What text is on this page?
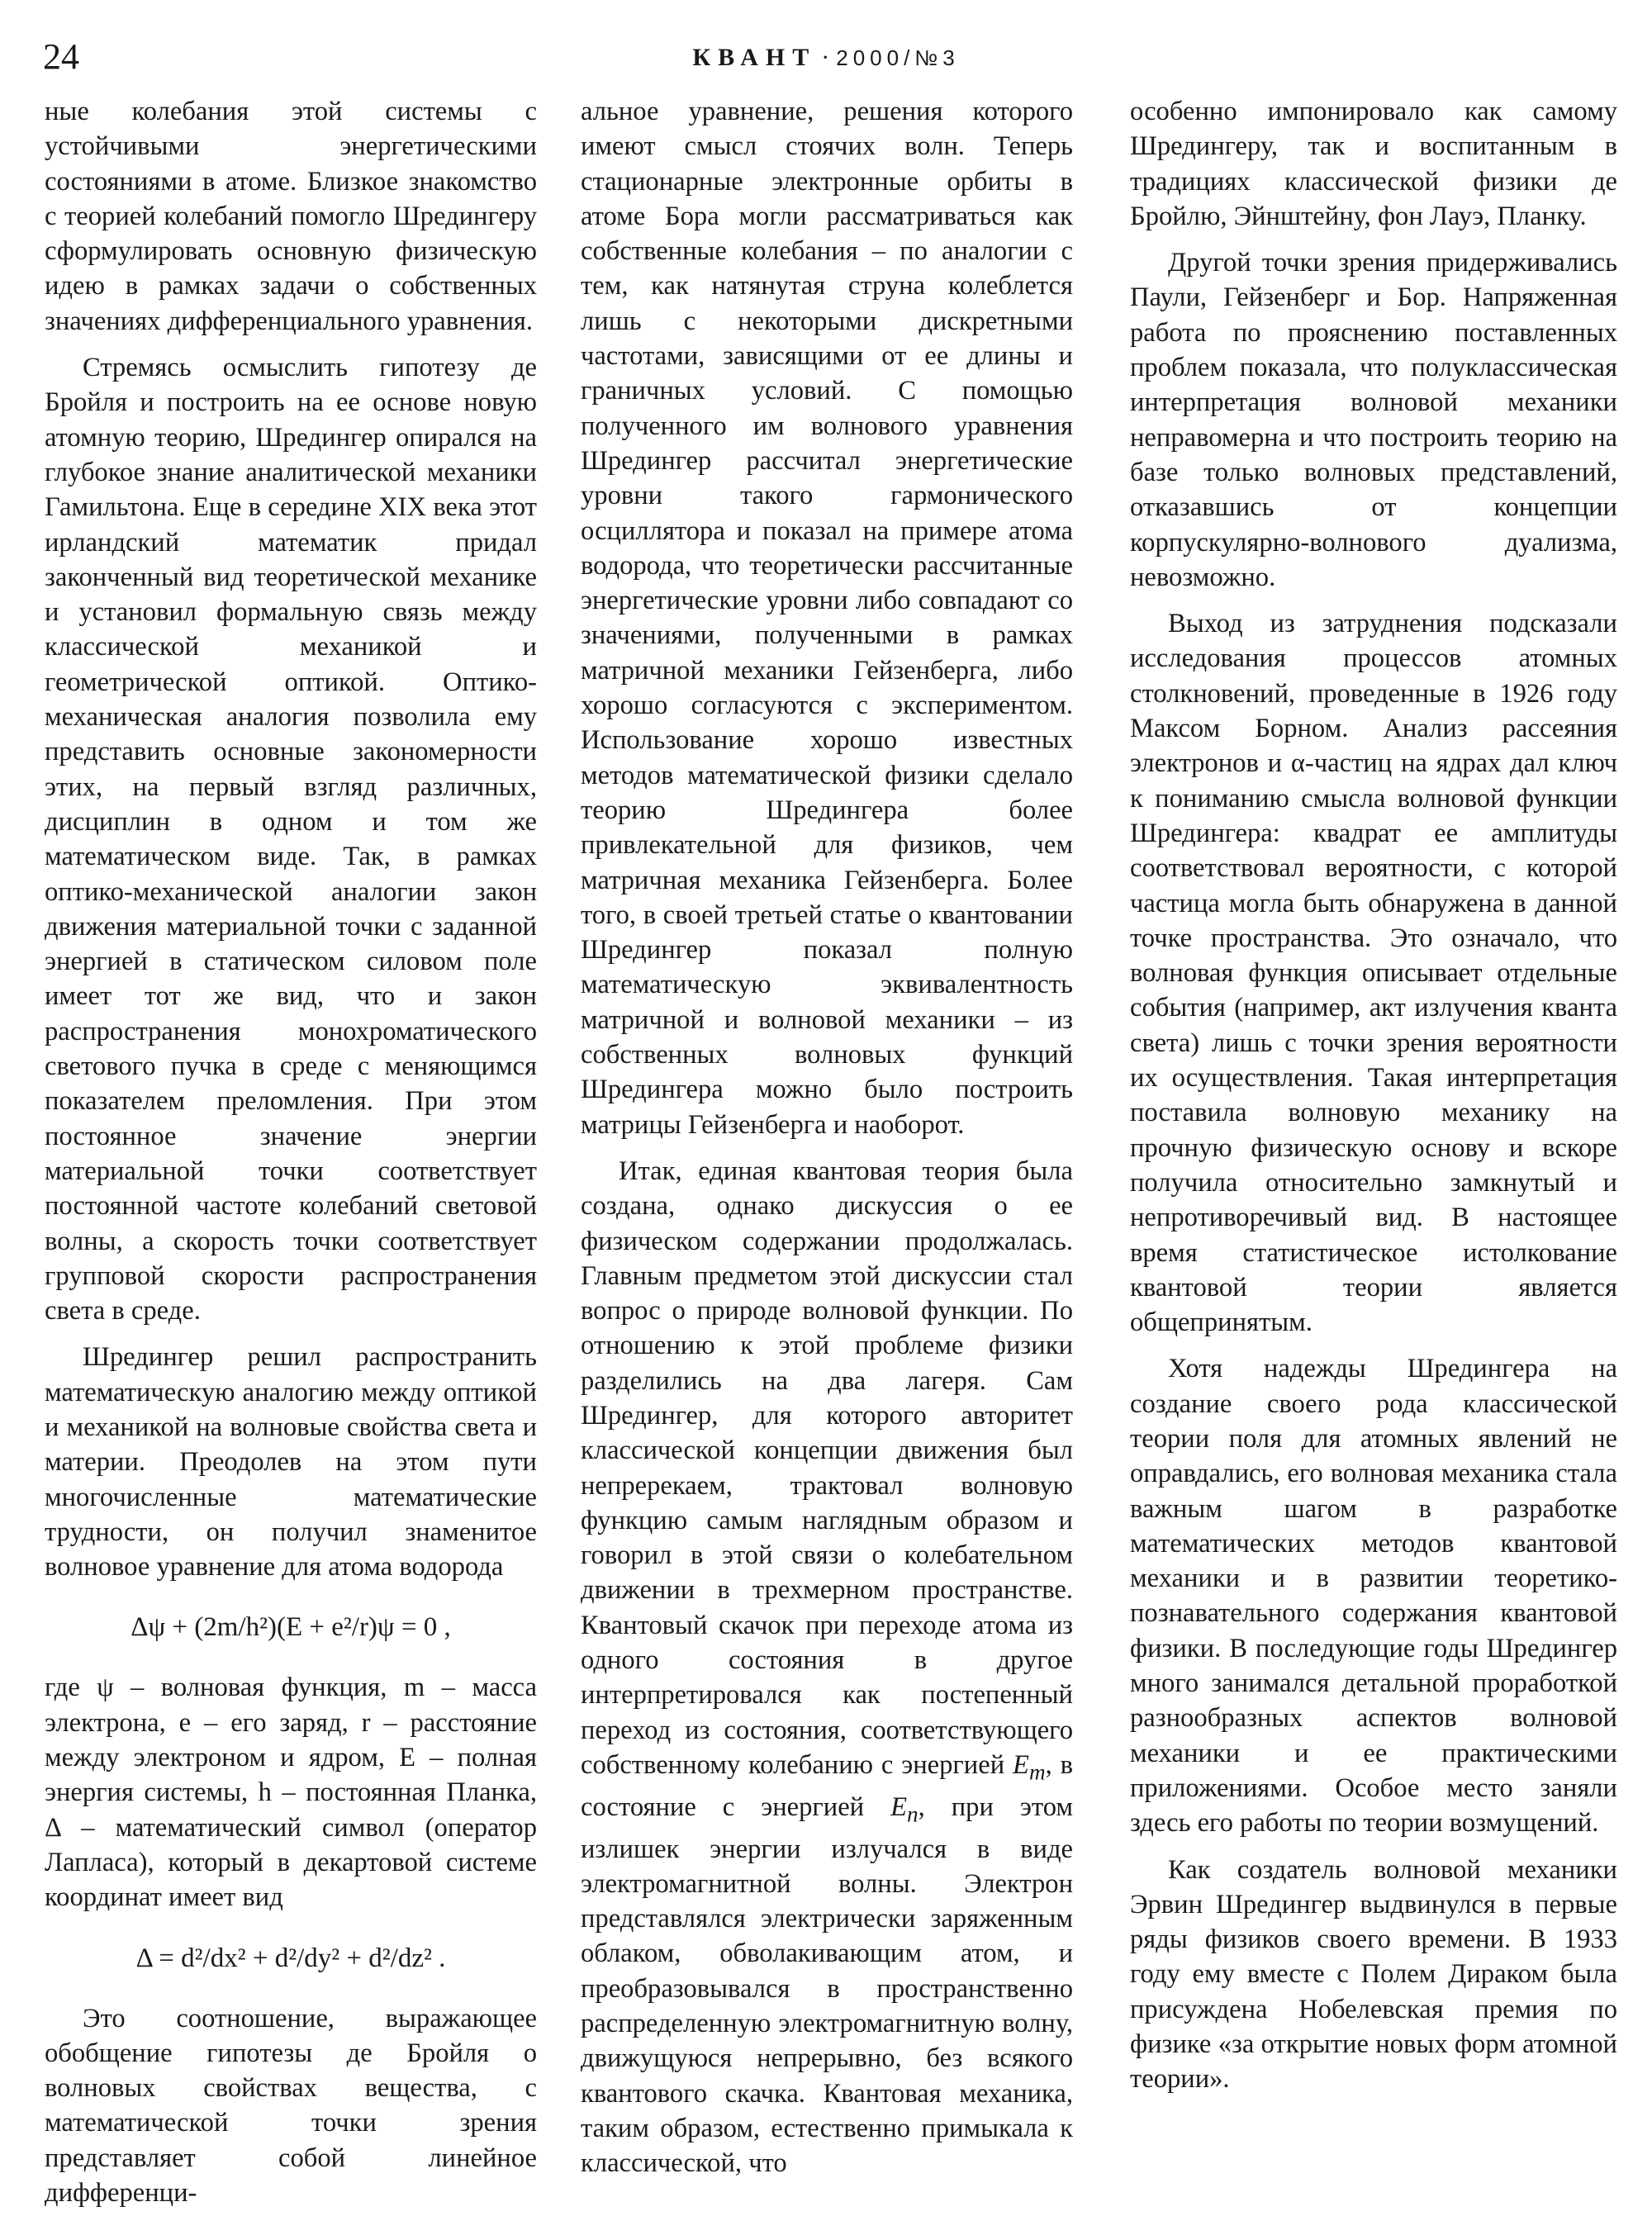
24	КВАНТ · 2000/№3

ные колебания этой системы с устойчивыми энергетическими состояниями в атоме. Близкое знакомство с теорией колебаний помогло Шредингеру сформулировать основную физическую идею в рамках задачи о собственных значениях дифференциального уравнения.

Стремясь осмыслить гипотезу де Бройля и построить на ее основе новую атомную теорию, Шредингер опирался на глубокое знание аналитической механики Гамильтона. Еще в середине XIX века этот ирландский математик придал законченный вид теоретической механике и установил формальную связь между классической механикой и геометрической оптикой. Оптико-механическая аналогия позволила ему представить основные закономерности этих, на первый взгляд различных, дисциплин в одном и том же математическом виде. Так, в рамках оптико-механической аналогии закон движения материальной точки с заданной энергией в статическом силовом поле имеет тот же вид, что и закон распространения монохроматического светового пучка в среде с меняющимся показателем преломления. При этом постоянное значение энергии материальной точки соответствует постоянной частоте колебаний световой волны, а скорость точки соответствует групповой скорости распространения света в среде.

Шредингер решил распространить математическую аналогию между оптикой и механикой на волновые свойства света и материи. Преодолев на этом пути многочисленные математические трудности, он получил знаменитое волновое уравнение для атома водорода

Δψ + (2m/h²)(E + e²/r)ψ = 0 ,

где ψ – волновая функция, m – масса электрона, e – его заряд, r – расстояние между электроном и ядром, E – полная энергия системы, h – постоянная Планка, Δ – математический символ (оператор Лапласа), который в декартовой системе координат имеет вид

Δ = d²/dx² + d²/dy² + d²/dz² .

Это соотношение, выражающее обобщение гипотезы де Бройля о волновых свойствах вещества, с математической точки зрения представляет собой линейное дифференци-

альное уравнение, решения которого имеют смысл стоячих волн. Теперь стационарные электронные орбиты в атоме Бора могли рассматриваться как собственные колебания – по аналогии с тем, как натянутая струна колеблется лишь с некоторыми дискретными частотами, зависящими от ее длины и граничных условий. С помощью полученного им волнового уравнения Шредингер рассчитал энергетические уровни такого гармонического осциллятора и показал на примере атома водорода, что теоретически рассчитанные энергетические уровни либо совпадают со значениями, полученными в рамках матричной механики Гейзенберга, либо хорошо согласуются с экспериментом. Использование хорошо известных методов математической физики сделало теорию Шредингера более привлекательной для физиков, чем матричная механика Гейзенберга. Более того, в своей третьей статье о квантовании Шредингер показал полную математическую эквивалентность матричной и волновой механики – из собственных волновых функций Шредингера можно было построить матрицы Гейзенберга и наоборот.

Итак, единая квантовая теория была создана, однако дискуссия о ее физическом содержании продолжалась. Главным предметом этой дискуссии стал вопрос о природе волновой функции. По отношению к этой проблеме физики разделились на два лагеря. Сам Шредингер, для которого авторитет классической концепции движения был непререкаем, трактовал волновую функцию самым наглядным образом и говорил в этой связи о колебательном движении в трехмерном пространстве. Квантовый скачок при переходе атома из одного состояния в другое интерпретировался как постепенный переход из состояния, соответствующего собственному колебанию с энергией $E_m$, в состояние с энергией $E_n$, при этом излишек энергии излучался в виде электромагнитной волны. Электрон представлялся электрически заряженным облаком, обволакивающим атом, и преобразовывался в пространственно распределенную электромагнитную волну, движущуюся непрерывно, без всякого квантового скачка. Квантовая механика, таким образом, естественно примыкала к классической, что

особенно импонировало как самому Шредингеру, так и воспитанным в традициях классической физики де Бройлю, Эйнштейну, фон Лауэ, Планку.

Другой точки зрения придерживались Паули, Гейзенберг и Бор. Напряженная работа по прояснению поставленных проблем показала, что полуклассическая интерпретация волновой механики неправомерна и что построить теорию на базе только волновых представлений, отказавшись от концепции корпускулярно-волнового дуализма, невозможно.

Выход из затруднения подсказали исследования процессов атомных столкновений, проведенные в 1926 году Максом Борном. Анализ рассеяния электронов и α-частиц на ядрах дал ключ к пониманию смысла волновой функции Шредингера: квадрат ее амплитуды соответствовал вероятности, с которой частица могла быть обнаружена в данной точке пространства. Это означало, что волновая функция описывает отдельные события (например, акт излучения кванта света) лишь с точки зрения вероятности их осуществления. Такая интерпретация поставила волновую механику на прочную физическую основу и вскоре получила относительно замкнутый и непротиворечивый вид. В настоящее время статистическое истолкование квантовой теории является общепринятым.

Хотя надежды Шредингера на создание своего рода классической теории поля для атомных явлений не оправдались, его волновая механика стала важным шагом в разработке математических методов квантовой механики и в развитии теоретико-познавательного содержания квантовой физики. В последующие годы Шредингер много занимался детальной проработкой разнообразных аспектов волновой механики и ее практическими приложениями. Особое место заняли здесь его работы по теории возмущений.

Как создатель волновой механики Эрвин Шредингер выдвинулся в первые ряды физиков своего времени. В 1933 году ему вместе с Полем Дираком была присуждена Нобелевская премия по физике «за открытие новых форм атомной теории».
